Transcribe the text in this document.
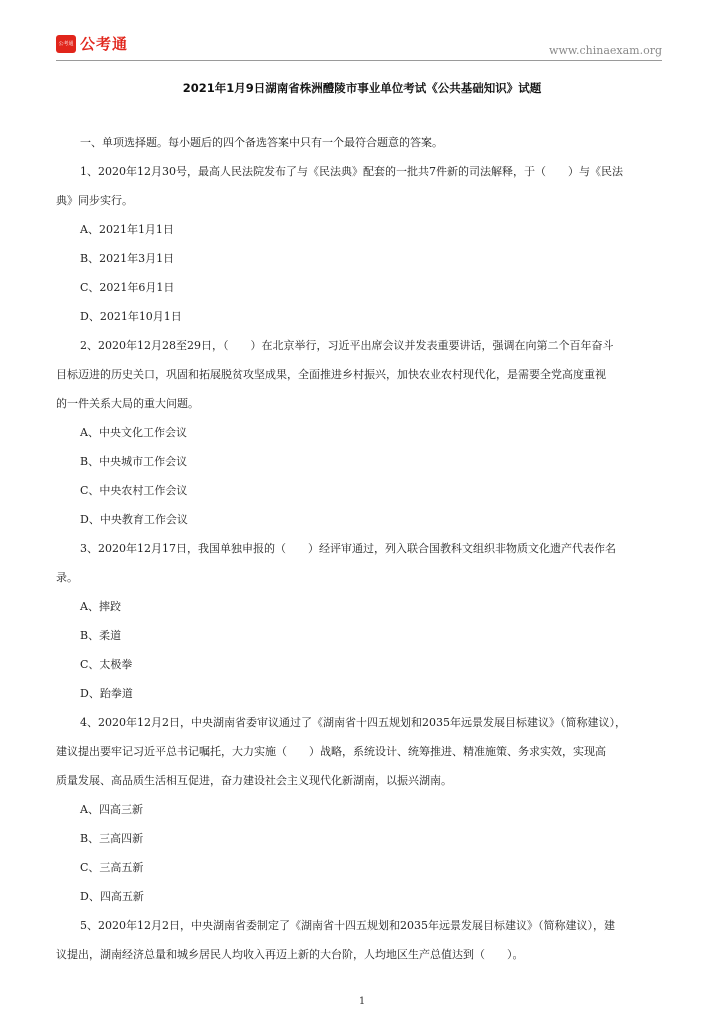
公考通 公考通	www.chinaexam.org
2021年1月9日湖南省株洲醴陵市事业单位考试《公共基础知识》试题
一、单项选择题。每小题后的四个备选答案中只有一个最符合题意的答案。
1、2020年12月30号，最高人民法院发布了与《民法典》配套的一批共7件新的司法解释，于（　　）与《民法
典》同步实行。
A、2021年1月1日
B、2021年3月1日
C、2021年6月1日
D、2021年10月1日
2、2020年12月28至29日，（　　）在北京举行，习近平出席会议并发表重要讲话，强调在向第二个百年奋斗
目标迈进的历史关口，巩固和拓展脱贫攻坚成果，全面推进乡村振兴，加快农业农村现代化，是需要全党高度重视
的一件关系大局的重大问题。
A、中央文化工作会议
B、中央城市工作会议
C、中央农村工作会议
D、中央教育工作会议
3、2020年12月17日，我国单独申报的（　　）经评审通过，列入联合国教科文组织非物质文化遗产代表作名
录。
A、摔跤
B、柔道
C、太极拳
D、跆拳道
4、2020年12月2日，中央湖南省委审议通过了《湖南省十四五规划和2035年远景发展目标建议》（简称建议），
建议提出要牢记习近平总书记嘱托，大力实施（　　）战略，系统设计、统筹推进、精准施策、务求实效，实现高
质量发展、高品质生活相互促进，奋力建设社会主义现代化新湖南，以振兴湖南。
A、四高三新
B、三高四新
C、三高五新
D、四高五新
5、2020年12月2日，中央湖南省委制定了《湖南省十四五规划和2035年远景发展目标建议》（简称建议），建
议提出，湖南经济总量和城乡居民人均收入再迈上新的大台阶，人均地区生产总值达到（　　）。
1
